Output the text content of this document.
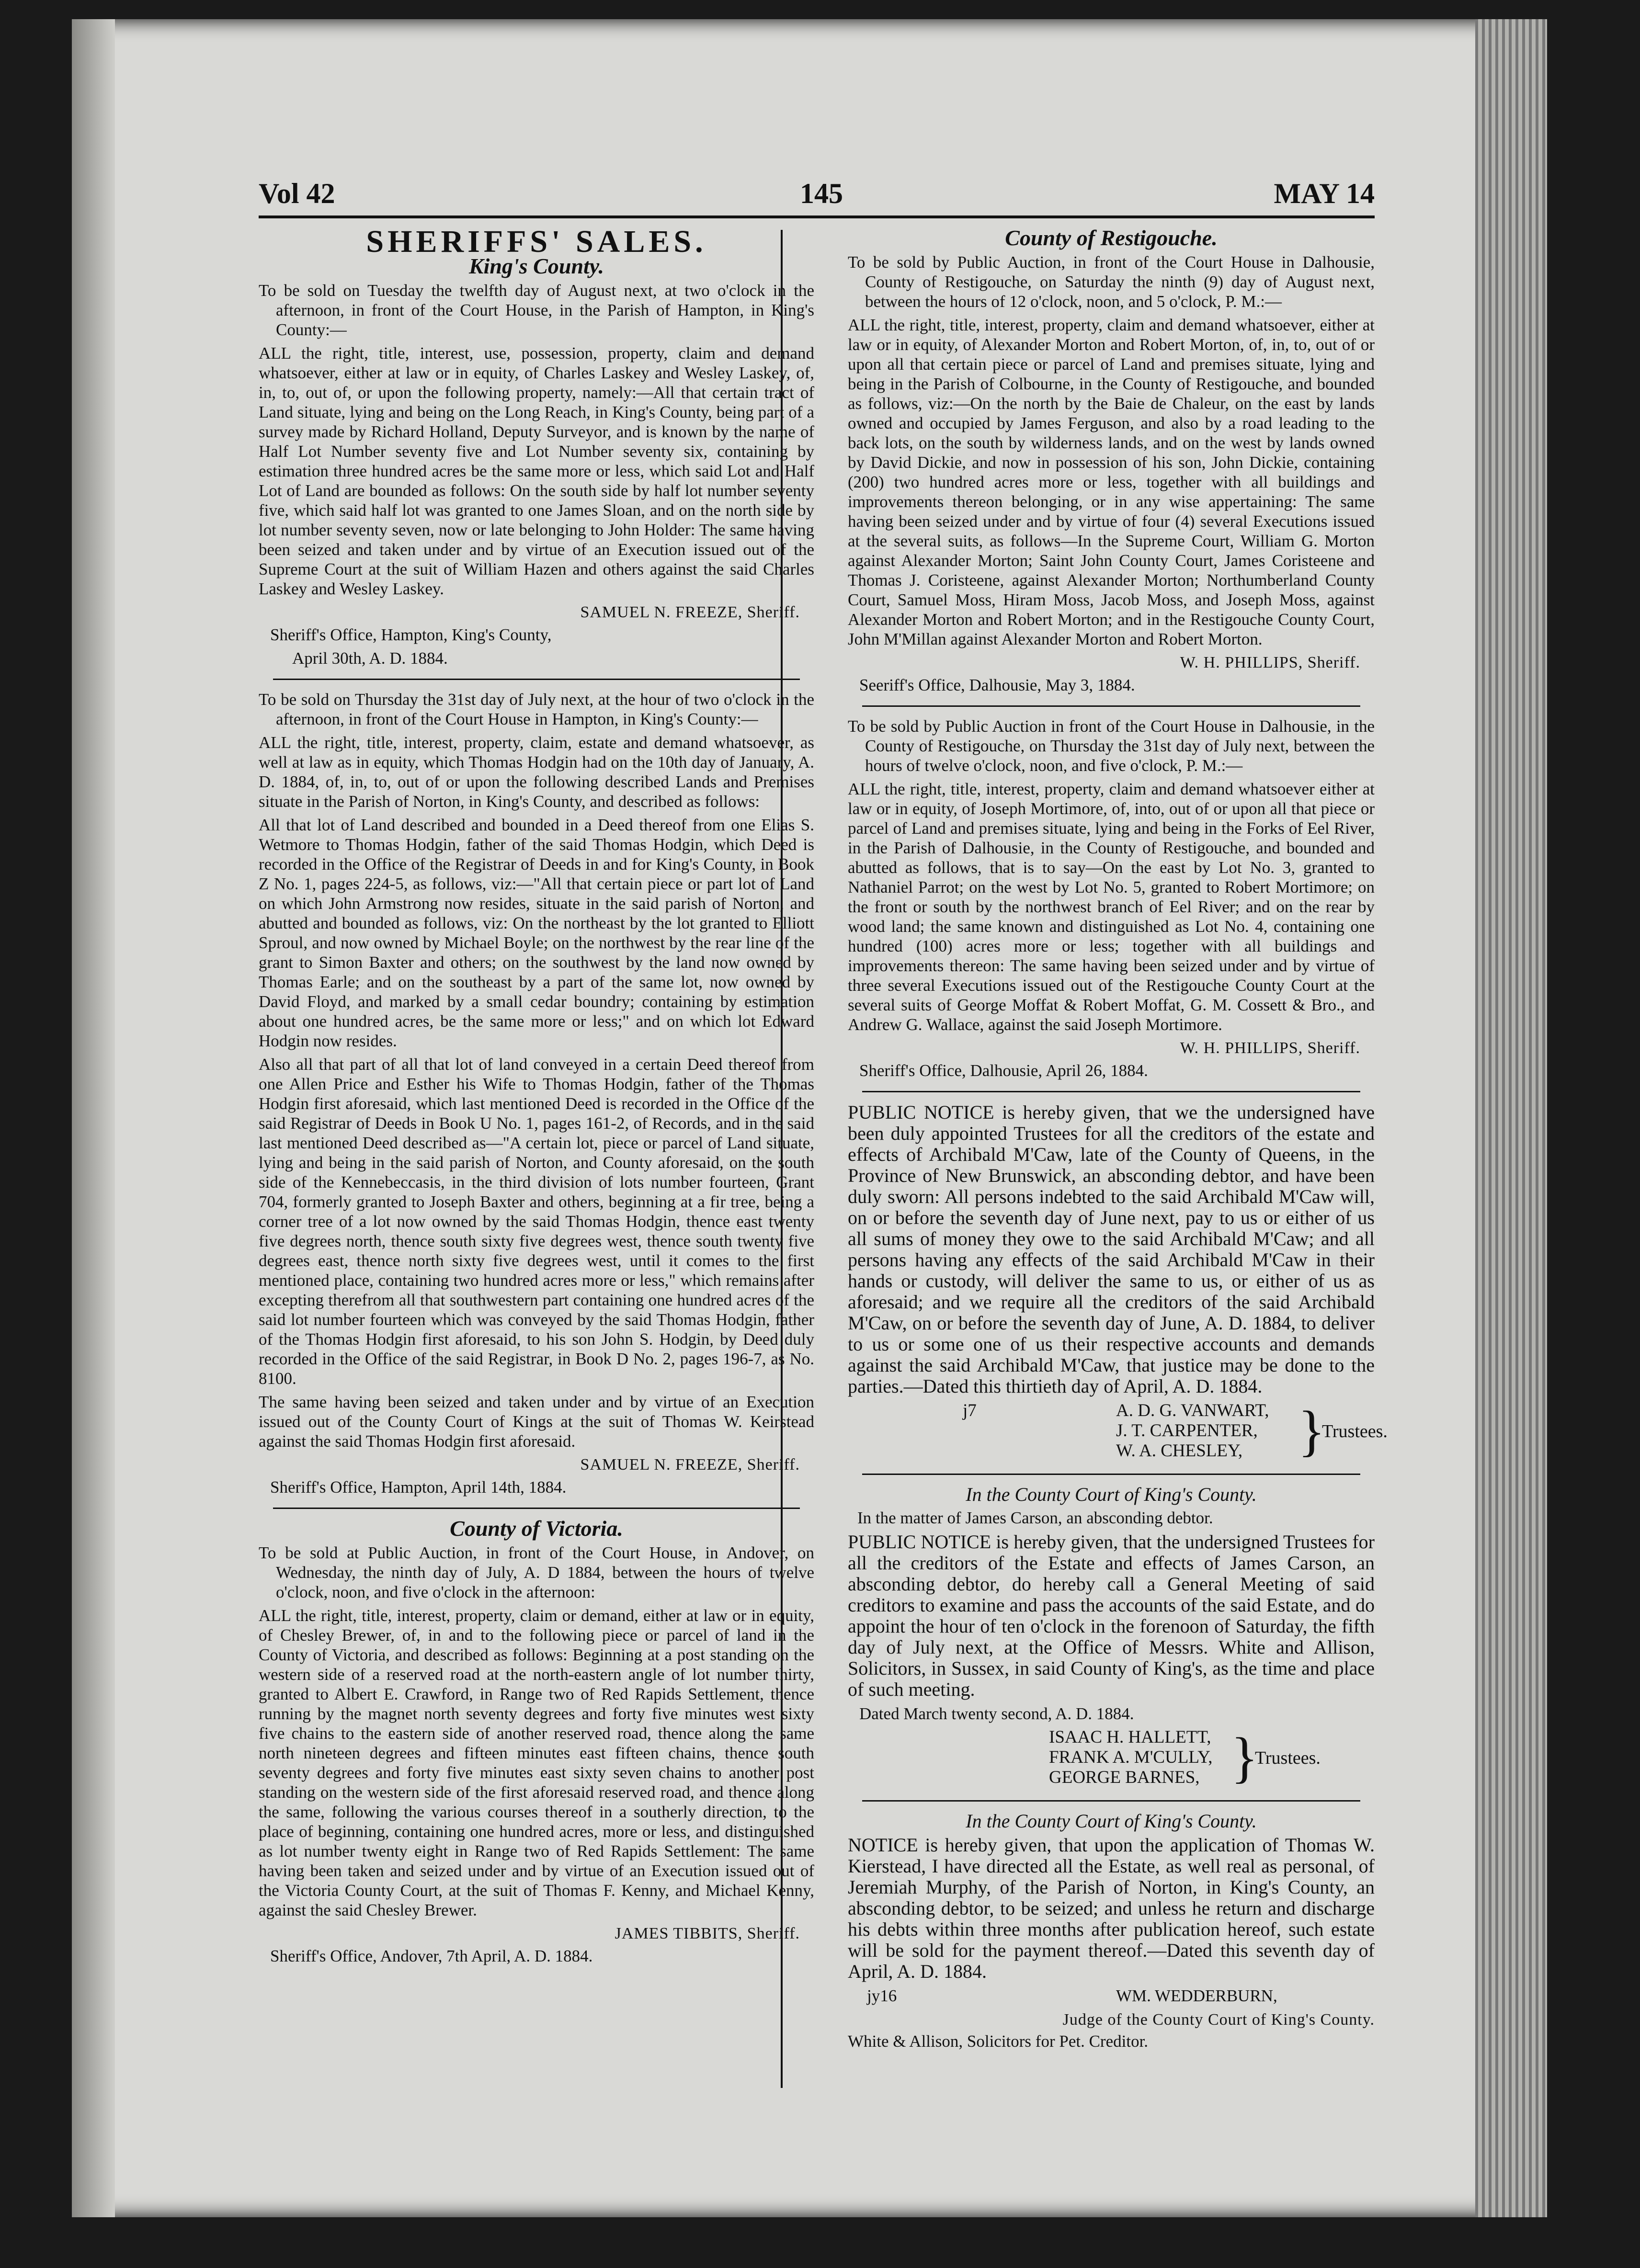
Vol 42	145	MAY 14
SHERIFFS' SALES.
King's County.
To be sold on Tuesday the twelfth day of August next, at two o'clock in the afternoon, in front of the Court House, in the Parish of Hampton, in King's County:—
ALL the right, title, interest, use, possession, property, claim and demand whatsoever, either at law or in equity, of Charles Laskey and Wesley Laskey, of, in, to, out of, or upon the following property, namely:—All that certain tract of Land situate, lying and being on the Long Reach, in King's County, being part of a survey made by Richard Holland, Deputy Surveyor, and is known by the name of Half Lot Number seventy five and Lot Number seventy six, containing by estimation three hundred acres be the same more or less, which said Lot and Half Lot of Land are bounded as follows: On the south side by half lot number seventy five, which said half lot was granted to one James Sloan, and on the north side by lot number seventy seven, now or late belonging to John Holder: The same having been seized and taken under and by virtue of an Execution issued out of the Supreme Court at the suit of William Hazen and others against the said Charles Laskey and Wesley Laskey.
SAMUEL N. FREEZE, Sheriff.
Sheriff's Office, Hampton, King's County,
April 30th, A. D. 1884.
To be sold on Thursday the 31st day of July next, at the hour of two o'clock in the afternoon, in front of the Court House in Hampton, in King's County:—
ALL the right, title, interest, property, claim, estate and demand whatsoever, as well at law as in equity, which Thomas Hodgin had on the 10th day of January, A. D. 1884, of, in, to, out of or upon the following described Lands and Premises situate in the Parish of Norton, in King's County, and described as follows:
All that lot of Land described and bounded in a Deed thereof from one Elias S. Wetmore to Thomas Hodgin, father of the said Thomas Hodgin, which Deed is recorded in the Office of the Registrar of Deeds in and for King's County, in Book Z No. 1, pages 224-5, as follows, viz:—"All that certain piece or part lot of Land on which John Armstrong now resides, situate in the said parish of Norton, and abutted and bounded as follows, viz: On the northeast by the lot granted to Elliott Sproul, and now owned by Michael Boyle; on the northwest by the rear line of the grant to Simon Baxter and others; on the southwest by the land now owned by Thomas Earle; and on the southeast by a part of the same lot, now owned by David Floyd, and marked by a small cedar boundry; containing by estimation about one hundred acres, be the same more or less;" and on which lot Edward Hodgin now resides.
Also all that part of all that lot of land conveyed in a certain Deed thereof from one Allen Price and Esther his Wife to Thomas Hodgin, father of the Thomas Hodgin first aforesaid, which last mentioned Deed is recorded in the Office of the said Registrar of Deeds in Book U No. 1, pages 161-2, of Records, and in the said last mentioned Deed described as—"A certain lot, piece or parcel of Land situate, lying and being in the said parish of Norton, and County aforesaid, on the south side of the Kennebeccasis, in the third division of lots number fourteen, Grant 704, formerly granted to Joseph Baxter and others, beginning at a fir tree, being a corner tree of a lot now owned by the said Thomas Hodgin, thence east twenty five degrees north, thence south sixty five degrees west, thence south twenty five degrees east, thence north sixty five degrees west, until it comes to the first mentioned place, containing two hundred acres more or less," which remains after excepting therefrom all that southwestern part containing one hundred acres of the said lot number fourteen which was conveyed by the said Thomas Hodgin, father of the Thomas Hodgin first aforesaid, to his son John S. Hodgin, by Deed duly recorded in the Office of the said Registrar, in Book D No. 2, pages 196-7, as No. 8100.
The same having been seized and taken under and by virtue of an Execution issued out of the County Court of Kings at the suit of Thomas W. Keirstead against the said Thomas Hodgin first aforesaid.
SAMUEL N. FREEZE, Sheriff.
Sheriff's Office, Hampton, April 14th, 1884.
County of Victoria.
To be sold at Public Auction, in front of the Court House, in Andover, on Wednesday, the ninth day of July, A. D 1884, between the hours of twelve o'clock, noon, and five o'clock in the afternoon:
ALL the right, title, interest, property, claim or demand, either at law or in equity, of Chesley Brewer, of, in and to the following piece or parcel of land in the County of Victoria, and described as follows: Beginning at a post standing on the western side of a reserved road at the north-eastern angle of lot number thirty, granted to Albert E. Crawford, in Range two of Red Rapids Settlement, thence running by the magnet north seventy degrees and forty five minutes west sixty five chains to the eastern side of another reserved road, thence along the same north nineteen degrees and fifteen minutes east fifteen chains, thence south seventy degrees and forty five minutes east sixty seven chains to another post standing on the western side of the first aforesaid reserved road, and thence along the same, following the various courses thereof in a southerly direction, to the place of beginning, containing one hundred acres, more or less, and distinguished as lot number twenty eight in Range two of Red Rapids Settlement: The same having been taken and seized under and by virtue of an Execution issued out of the Victoria County Court, at the suit of Thomas F. Kenny, and Michael Kenny, against the said Chesley Brewer.
JAMES TIBBITS, Sheriff.
Sheriff's Office, Andover, 7th April, A. D. 1884.
County of Restigouche.
To be sold by Public Auction, in front of the Court House in Dalhousie, County of Restigouche, on Saturday the ninth (9) day of August next, between the hours of 12 o'clock, noon, and 5 o'clock, P. M.:—
ALL the right, title, interest, property, claim and demand whatsoever, either at law or in equity, of Alexander Morton and Robert Morton, of, in, to, out of or upon all that certain piece or parcel of Land and premises situate, lying and being in the Parish of Colbourne, in the County of Restigouche, and bounded as follows, viz:—On the north by the Baie de Chaleur, on the east by lands owned and occupied by James Ferguson, and also by a road leading to the back lots, on the south by wilderness lands, and on the west by lands owned by David Dickie, and now in possession of his son, John Dickie, containing (200) two hundred acres more or less, together with all buildings and improvements thereon belonging, or in any wise appertaining: The same having been seized under and by virtue of four (4) several Executions issued at the several suits, as follows—In the Supreme Court, William G. Morton against Alexander Morton; Saint John County Court, James Coristeene and Thomas J. Coristeene, against Alexander Morton; Northumberland County Court, Samuel Moss, Hiram Moss, Jacob Moss, and Joseph Moss, against Alexander Morton and Robert Morton; and in the Restigouche County Court, John M'Millan against Alexander Morton and Robert Morton.
W. H. PHILLIPS, Sheriff.
Seeriff's Office, Dalhousie, May 3, 1884.
To be sold by Public Auction in front of the Court House in Dalhousie, in the County of Restigouche, on Thursday the 31st day of July next, between the hours of twelve o'clock, noon, and five o'clock, P. M.:—
ALL the right, title, interest, property, claim and demand whatsoever either at law or in equity, of Joseph Mortimore, of, into, out of or upon all that piece or parcel of Land and premises situate, lying and being in the Forks of Eel River, in the Parish of Dalhousie, in the County of Restigouche, and bounded and abutted as follows, that is to say—On the east by Lot No. 3, granted to Nathaniel Parrot; on the west by Lot No. 5, granted to Robert Mortimore; on the front or south by the northwest branch of Eel River; and on the rear by wood land; the same known and distinguished as Lot No. 4, containing one hundred (100) acres more or less; together with all buildings and improvements thereon: The same having been seized under and by virtue of three several Executions issued out of the Restigouche County Court at the several suits of George Moffat & Robert Moffat, G. M. Cossett & Bro., and Andrew G. Wallace, against the said Joseph Mortimore.
W. H. PHILLIPS, Sheriff.
Sheriff's Office, Dalhousie, April 26, 1884.
PUBLIC NOTICE is hereby given, that we the undersigned have been duly appointed Trustees for all the creditors of the estate and effects of Archibald M'Caw, late of the County of Queens, in the Province of New Brunswick, an absconding debtor, and have been duly sworn: All persons indebted to the said Archibald M'Caw will, on or before the seventh day of June next, pay to us or either of us all sums of money they owe to the said Archibald M'Caw; and all persons having any effects of the said Archibald M'Caw in their hands or custody, will deliver the same to us, or either of us as aforesaid; and we require all the creditors of the said Archibald M'Caw, on or before the seventh day of June, A. D. 1884, to deliver to us or some one of us their respective accounts and demands against the said Archibald M'Caw, that justice may be done to the parties.—Dated this thirtieth day of April, A. D. 1884.
j7	A. D. G. VANWART,
J. T. CARPENTER,
W. A. CHESLEY, }
Trustees.
In the County Court of King's County.
In the matter of James Carson, an absconding debtor.
PUBLIC NOTICE is hereby given, that the undersigned Trustees for all the creditors of the Estate and effects of James Carson, an absconding debtor, do hereby call a General Meeting of said creditors to examine and pass the accounts of the said Estate, and do appoint the hour of ten o'clock in the forenoon of Saturday, the fifth day of July next, at the Office of Messrs. White and Allison, Solicitors, in Sussex, in said County of King's, as the time and place of such meeting.
Dated March twenty second, A. D. 1884.
ISAAC H. HALLETT,
FRANK A. M'CULLY,
GEORGE BARNES, }
Trustees.
In the County Court of King's County.
NOTICE is hereby given, that upon the application of Thomas W. Kierstead, I have directed all the Estate, as well real as personal, of Jeremiah Murphy, of the Parish of Norton, in King's County, an absconding debtor, to be seized; and unless he return and discharge his debts within three months after publication hereof, such estate will be sold for the payment thereof.—Dated this seventh day of April, A. D. 1884.
jy16	WM. WEDDERBURN,
Judge of the County Court of King's County.
White & Allison, Solicitors for Pet. Creditor.
